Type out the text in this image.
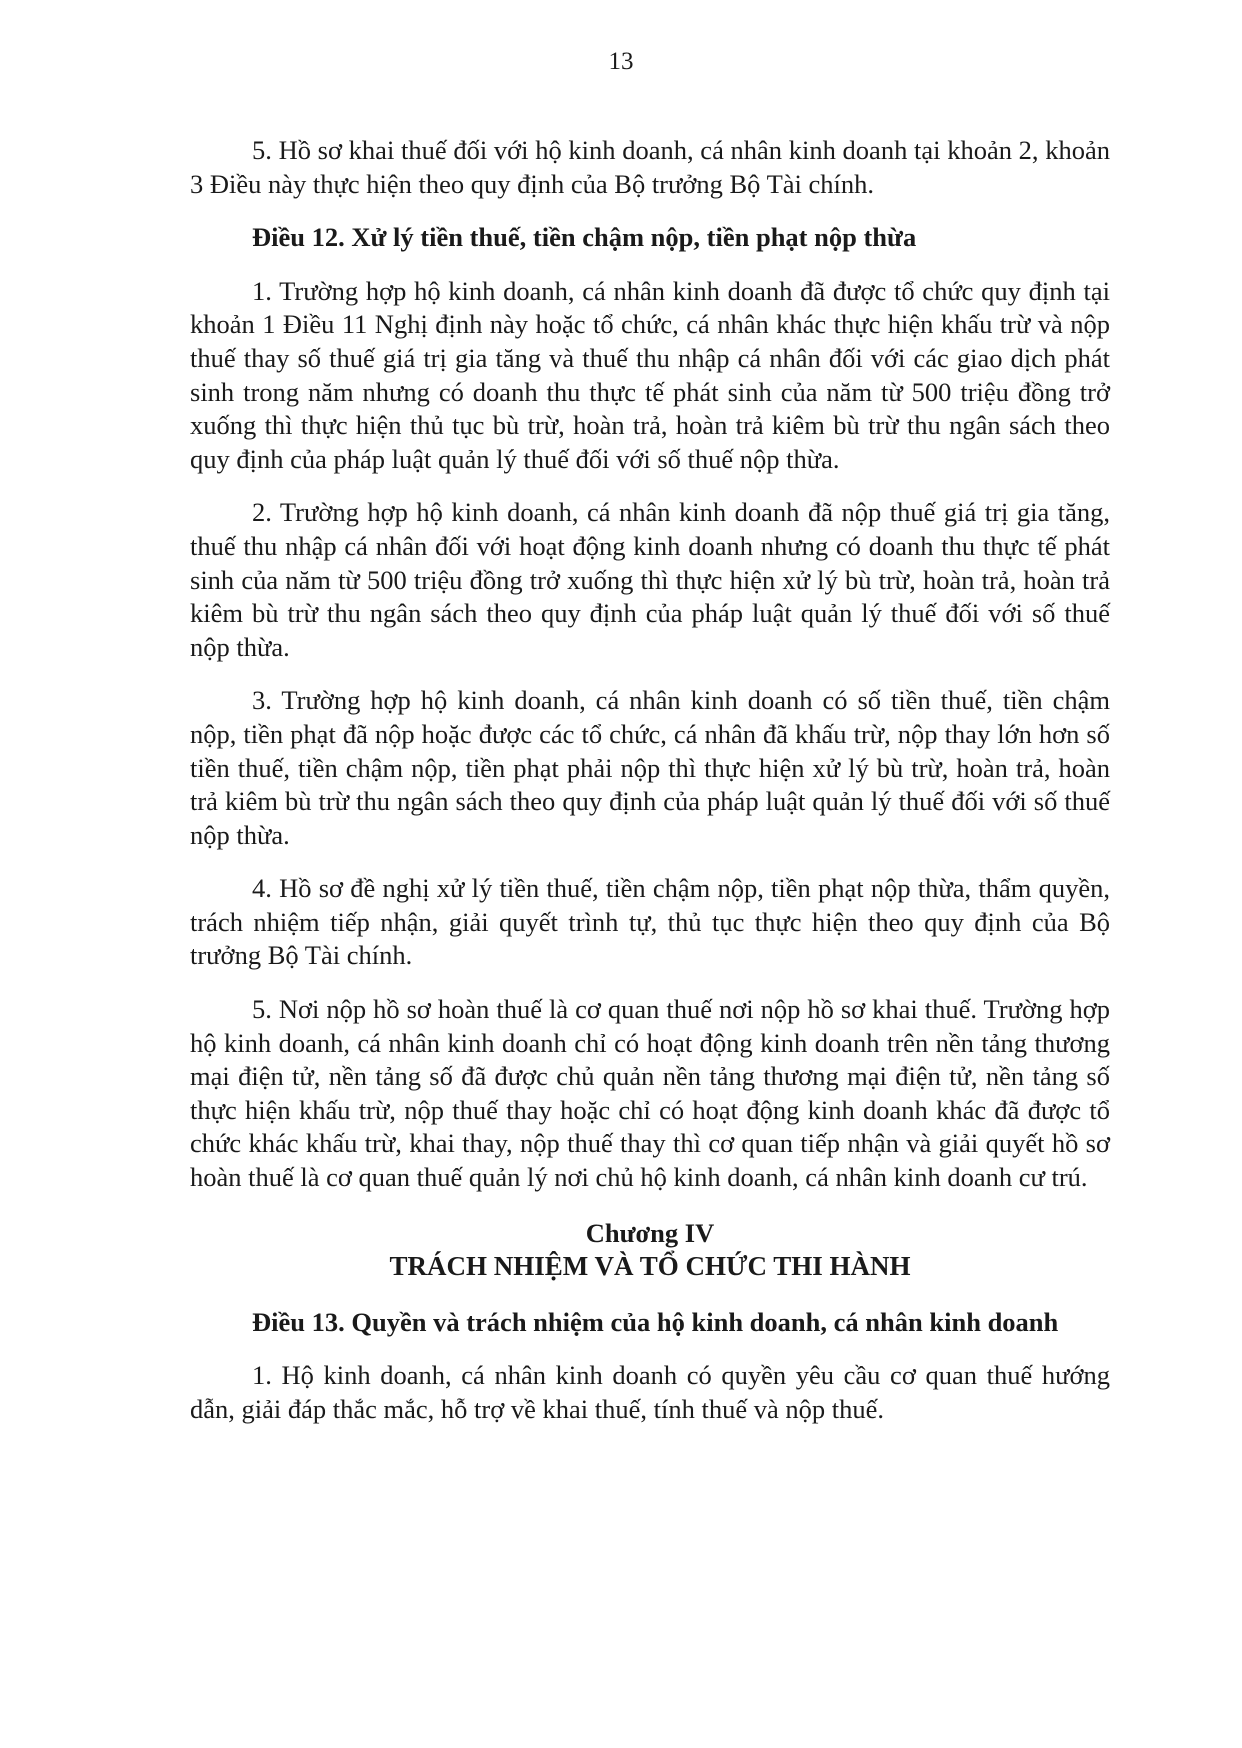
13

5. Hồ sơ khai thuế đối với hộ kinh doanh, cá nhân kinh doanh tại khoản 2, khoản 3 Điều này thực hiện theo quy định của Bộ trưởng Bộ Tài chính.

Điều 12. Xử lý tiền thuế, tiền chậm nộp, tiền phạt nộp thừa

1. Trường hợp hộ kinh doanh, cá nhân kinh doanh đã được tổ chức quy định tại khoản 1 Điều 11 Nghị định này hoặc tổ chức, cá nhân khác thực hiện khấu trừ và nộp thuế thay số thuế giá trị gia tăng và thuế thu nhập cá nhân đối với các giao dịch phát sinh trong năm nhưng có doanh thu thực tế phát sinh của năm từ 500 triệu đồng trở xuống thì thực hiện thủ tục bù trừ, hoàn trả, hoàn trả kiêm bù trừ thu ngân sách theo quy định của pháp luật quản lý thuế đối với số thuế nộp thừa.

2. Trường hợp hộ kinh doanh, cá nhân kinh doanh đã nộp thuế giá trị gia tăng, thuế thu nhập cá nhân đối với hoạt động kinh doanh nhưng có doanh thu thực tế phát sinh của năm từ 500 triệu đồng trở xuống thì thực hiện xử lý bù trừ, hoàn trả, hoàn trả kiêm bù trừ thu ngân sách theo quy định của pháp luật quản lý thuế đối với số thuế nộp thừa.

3. Trường hợp hộ kinh doanh, cá nhân kinh doanh có số tiền thuế, tiền chậm nộp, tiền phạt đã nộp hoặc được các tổ chức, cá nhân đã khấu trừ, nộp thay lớn hơn số tiền thuế, tiền chậm nộp, tiền phạt phải nộp thì thực hiện xử lý bù trừ, hoàn trả, hoàn trả kiêm bù trừ thu ngân sách theo quy định của pháp luật quản lý thuế đối với số thuế nộp thừa.

4. Hồ sơ đề nghị xử lý tiền thuế, tiền chậm nộp, tiền phạt nộp thừa, thẩm quyền, trách nhiệm tiếp nhận, giải quyết trình tự, thủ tục thực hiện theo quy định của Bộ trưởng Bộ Tài chính.

5. Nơi nộp hồ sơ hoàn thuế là cơ quan thuế nơi nộp hồ sơ khai thuế. Trường hợp hộ kinh doanh, cá nhân kinh doanh chỉ có hoạt động kinh doanh trên nền tảng thương mại điện tử, nền tảng số đã được chủ quản nền tảng thương mại điện tử, nền tảng số thực hiện khấu trừ, nộp thuế thay hoặc chỉ có hoạt động kinh doanh khác đã được tổ chức khác khấu trừ, khai thay, nộp thuế thay thì cơ quan tiếp nhận và giải quyết hồ sơ hoàn thuế là cơ quan thuế quản lý nơi chủ hộ kinh doanh, cá nhân kinh doanh cư trú.

Chương IV

TRÁCH NHIỆM VÀ TỔ CHỨC THI HÀNH

Điều 13. Quyền và trách nhiệm của hộ kinh doanh, cá nhân kinh doanh

1. Hộ kinh doanh, cá nhân kinh doanh có quyền yêu cầu cơ quan thuế hướng dẫn, giải đáp thắc mắc, hỗ trợ về khai thuế, tính thuế và nộp thuế.
